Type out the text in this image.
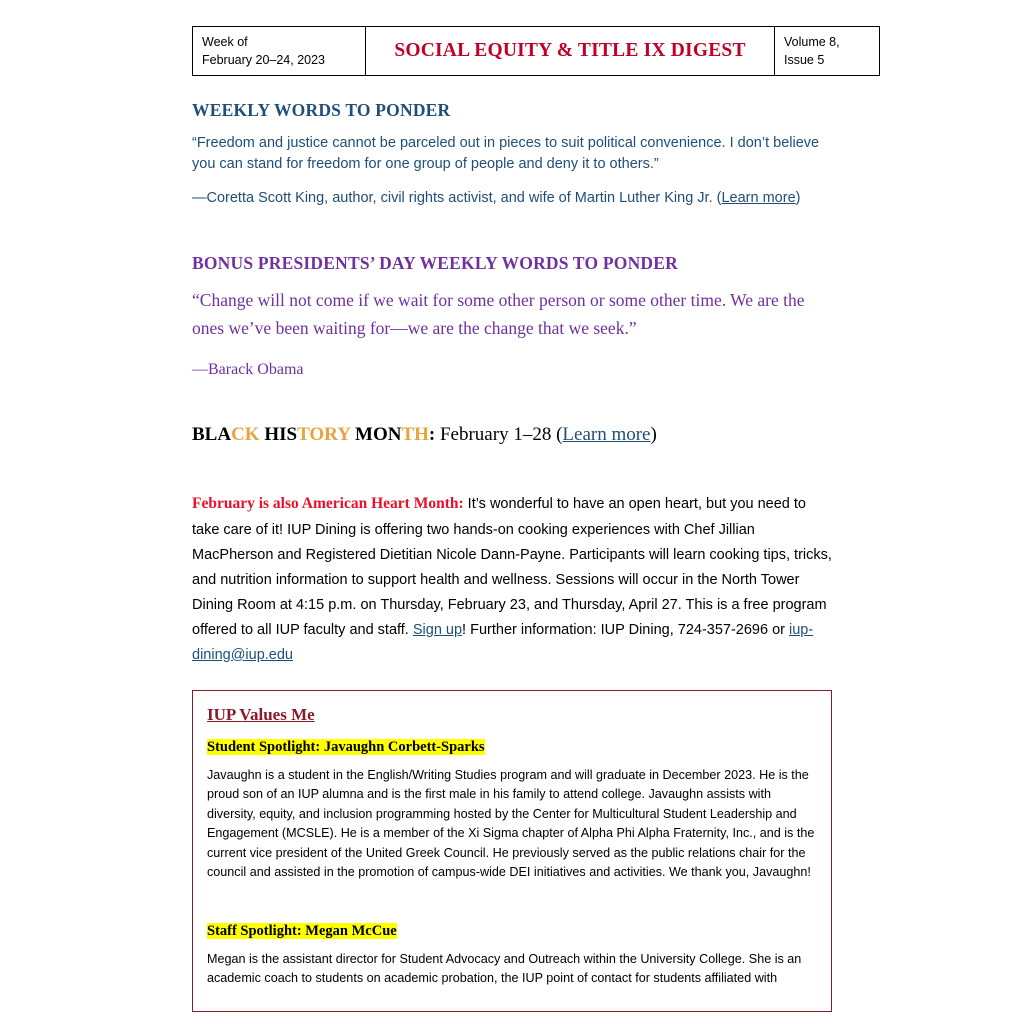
Week of
February 20–24, 2023	SOCIAL EQUITY & TITLE IX DIGEST	Volume 8,
Issue 5
WEEKLY WORDS TO PONDER

“Freedom and justice cannot be parceled out in pieces to suit political convenience. I don’t believe you can stand for freedom for one group of people and deny it to others.”

—Coretta Scott King, author, civil rights activist, and wife of Martin Luther King Jr. (Learn more)

BONUS PRESIDENTS’ DAY WEEKLY WORDS TO PONDER

“Change will not come if we wait for some other person or some other time. We are the ones we’ve been waiting for—we are the change that we seek.”

—Barack Obama

BLACK HISTORY MONTH: February 1–28 (Learn more)

February is also American Heart Month: It’s wonderful to have an open heart, but you need to take care of it! IUP Dining is offering two hands-on cooking experiences with Chef Jillian MacPherson and Registered Dietitian Nicole Dann-Payne. Participants will learn cooking tips, tricks, and nutrition information to support health and wellness. Sessions will occur in the North Tower Dining Room at 4:15 p.m. on Thursday, February 23, and Thursday, April 27. This is a free program offered to all IUP faculty and staff. Sign up! Further information: IUP Dining, 724-357-2696 or iup-dining@iup.edu

IUP Values Me

Student Spotlight: Javaughn Corbett-Sparks

Javaughn is a student in the English/Writing Studies program and will graduate in December 2023. He is the proud son of an IUP alumna and is the first male in his family to attend college. Javaughn assists with diversity, equity, and inclusion programming hosted by the Center for Multicultural Student Leadership and Engagement (MCSLE). He is a member of the Xi Sigma chapter of Alpha Phi Alpha Fraternity, Inc., and is the current vice president of the United Greek Council. He previously served as the public relations chair for the council and assisted in the promotion of campus-wide DEI initiatives and activities. We thank you, Javaughn!

Staff Spotlight: Megan McCue

Megan is the assistant director for Student Advocacy and Outreach within the University College. She is an academic coach to students on academic probation, the IUP point of contact for students affiliated with
